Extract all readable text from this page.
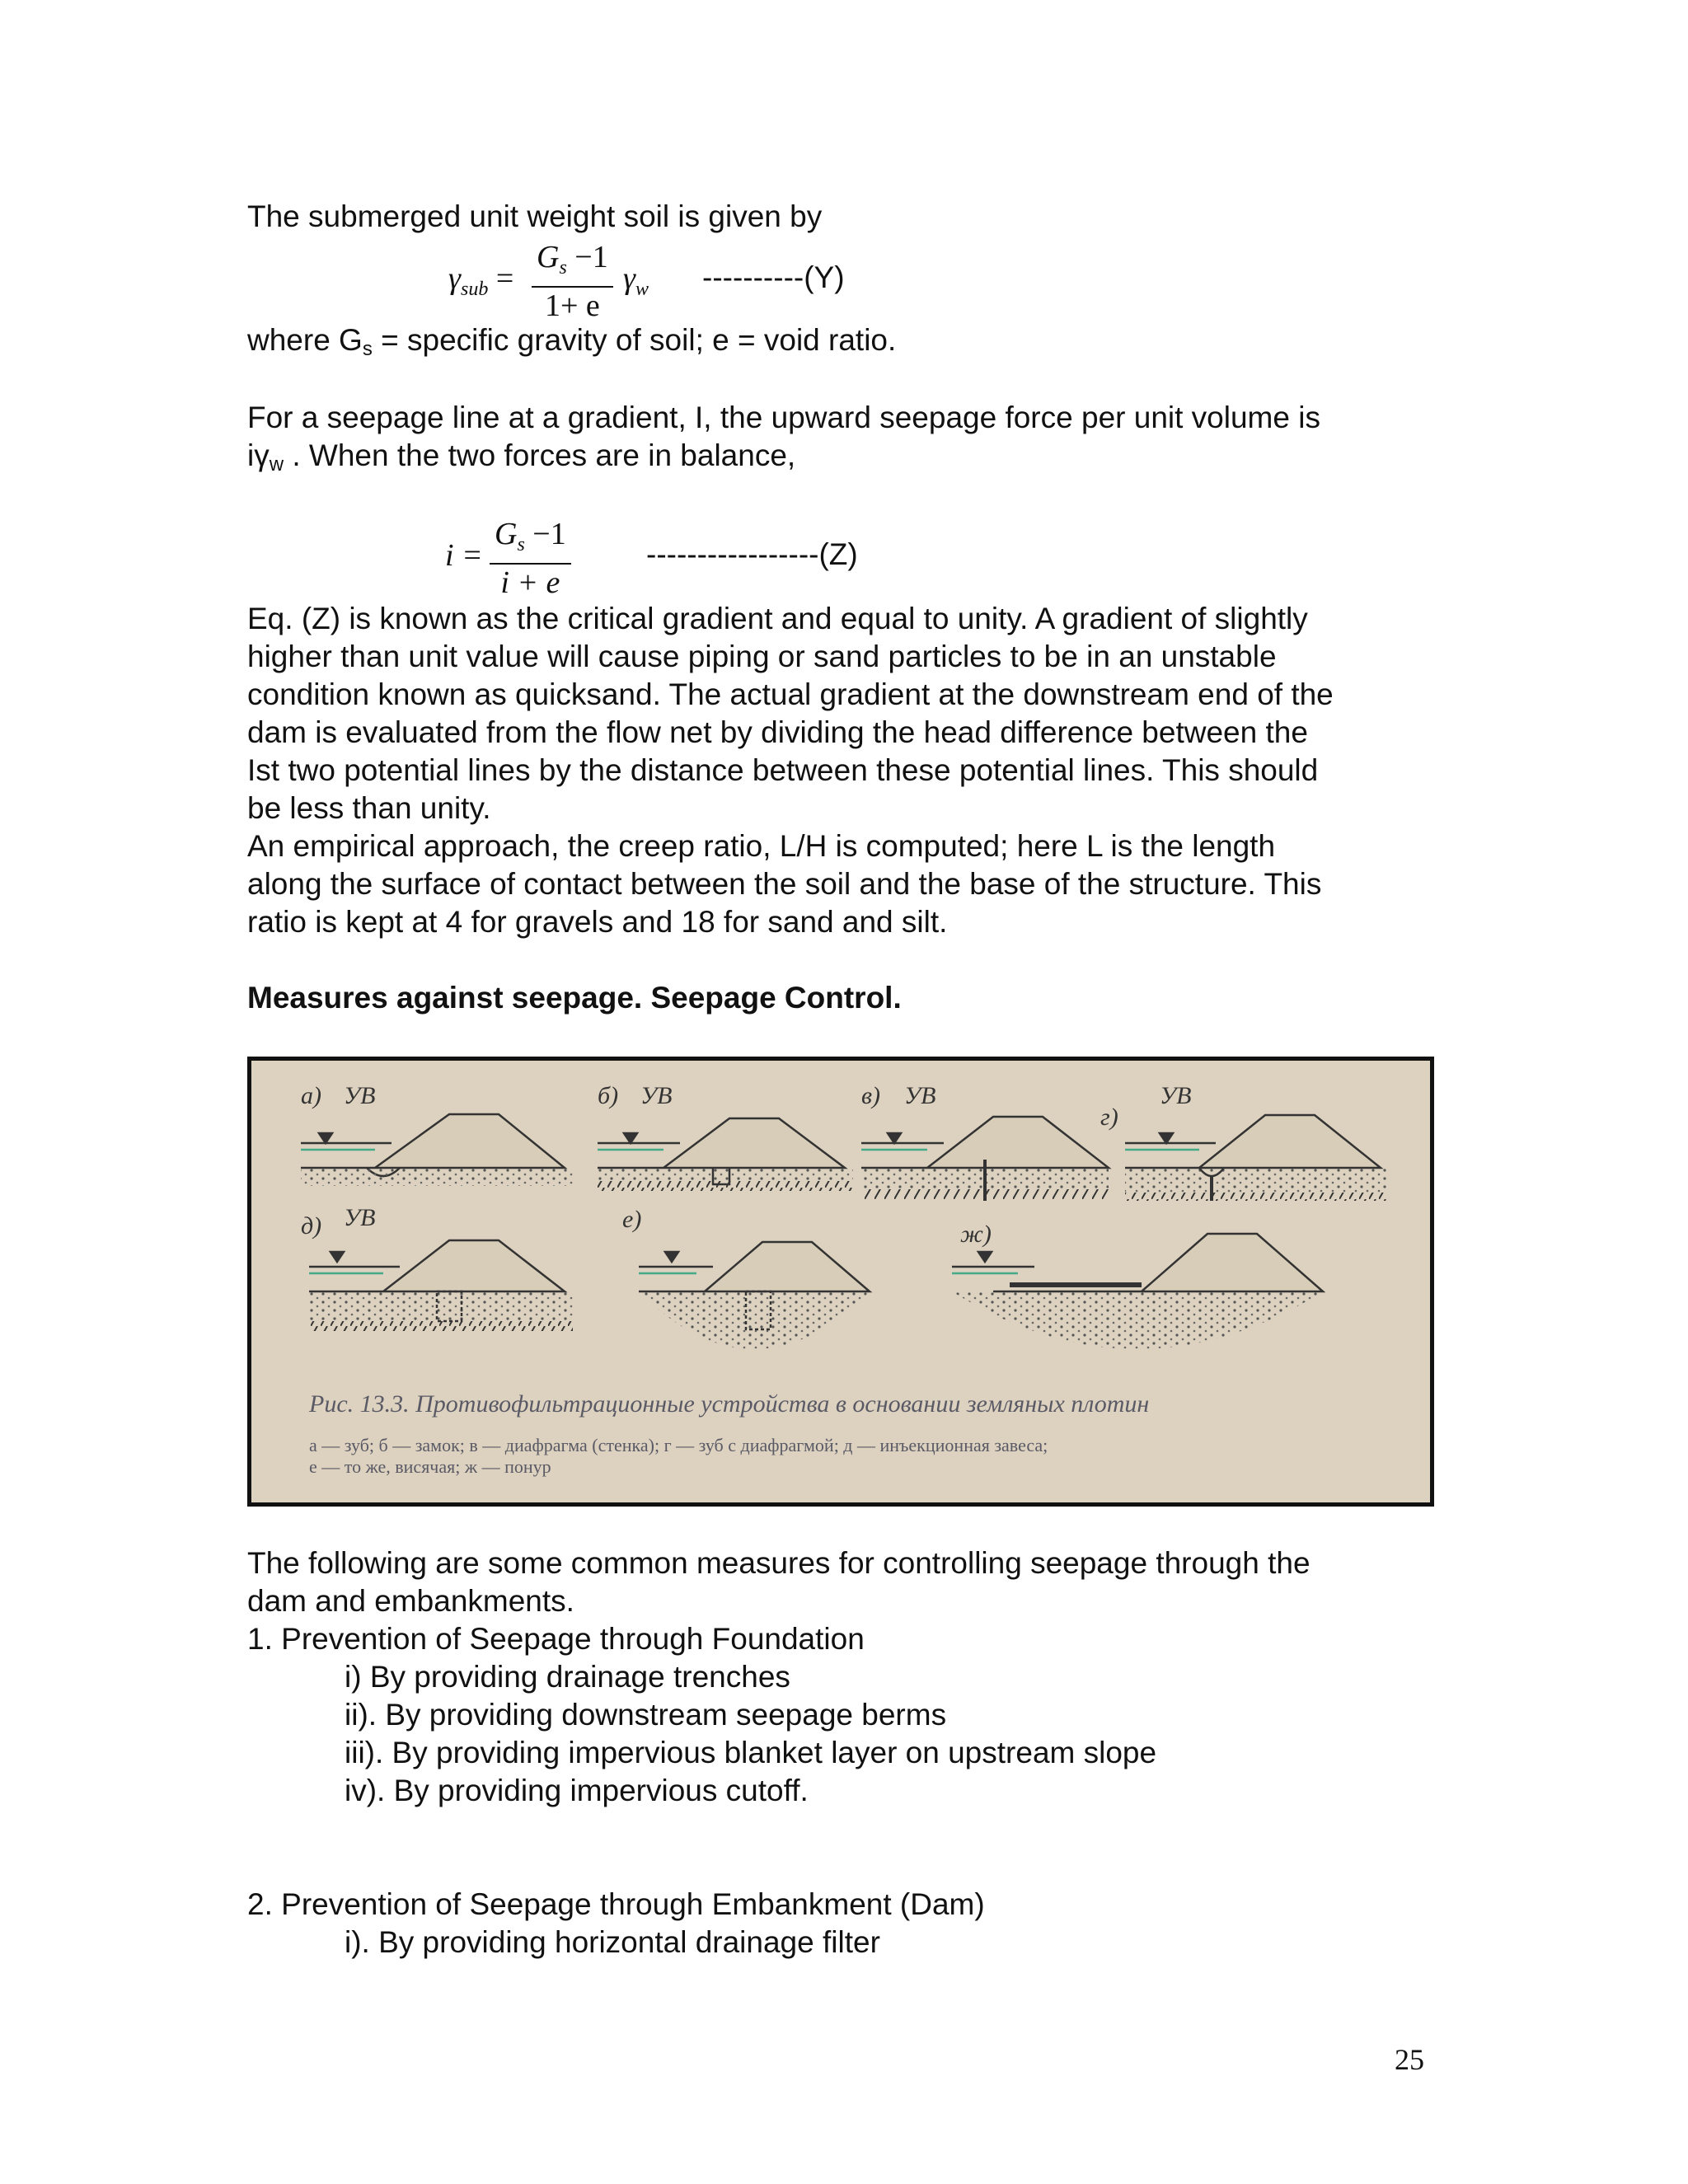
The submerged unit weight soil is given by
$\gamma_{sub} = \frac{G_s -1}{1+ e} \gamma_w$ ----------(Y)
where Gs = specific gravity of soil; e = void ratio.
For a seepage line at a gradient, I, the upward seepage force per unit volume is
iγw . When the two forces are in balance,
$i = \frac{G_s -1}{i + e} -----------------(Z)$
Eq. (Z) is known as the critical gradient and equal to unity. A gradient of slightly
higher than unit value will cause piping or sand particles to be in an unstable
condition known as quicksand. The actual gradient at the downstream end of the
dam is evaluated from the flow net by dividing the head difference between the
Ist two potential lines by the distance between these potential lines. This should
be less than unity.
An empirical approach, the creep ratio, L/H is computed; here L is the length
along the surface of contact between the soil and the base of the structure. This
ratio is kept at 4 for gravels and 18 for sand and silt.
Measures against seepage. Seepage Control.
а)	б)	в)
г)
д)	е)
ж)
УВ	УВ	УВ	УВ
УВ
Рис. 13.3. Противофильтрационные устройства в основании земляных плотин
а — зуб; б — замок; в — диафрагма (стенка); г — зуб с диафрагмой; д — инъекционная завеса;
е — то же, висячая; ж — понур
The following are some common measures for controlling seepage through the
dam and embankments.
1. Prevention of Seepage through Foundation
i) By providing drainage trenches
ii). By providing downstream seepage berms
iii). By providing impervious blanket layer on upstream slope
iv). By providing impervious cutoff.
2. Prevention of Seepage through Embankment (Dam)
i). By providing horizontal drainage filter
25
